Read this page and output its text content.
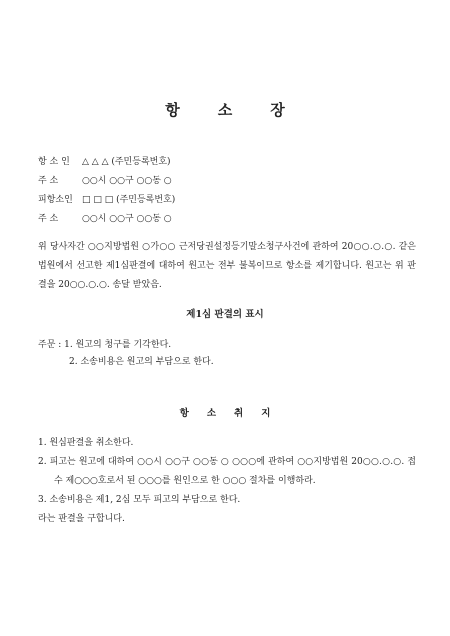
항	소	장
항 소 인 △ △ △ (주민등록번호)
주 소	○○시 ○○구 ○○동 ○
피항소인 □ □ □ (주민등록번호)
주 소	○○시 ○○구 ○○동 ○
위 당사자간 ○○지방법원 ○가○○ 근저당권설정등기말소청구사건에 관하여 20○○.○.○. 같은 법원에서 선고한 제1심판결에 대하여 원고는 전부 불복이므로 항소를 제기합니다. 원고는 위 판결을 20○○.○.○. 송달 받았음.
제1심 판결의 표시
주문 : 1. 원고의 청구를 기각한다.
2. 소송비용은 원고의 부담으로 한다.
항 소 취 지

1. 원심판결을 취소한다.

2. 피고는 원고에 대하여 ○○시 ○○구 ○○동 ○ ○○○에 관하여 ○○지방법원 20○○.○.○. 접수 제○○○호로서 된 ○○○를 원인으로 한 ○○○ 절차를 이행하라.

3. 소송비용은 제1, 2심 모두 피고의 부담으로 한다.

라는 판결을 구합니다.
